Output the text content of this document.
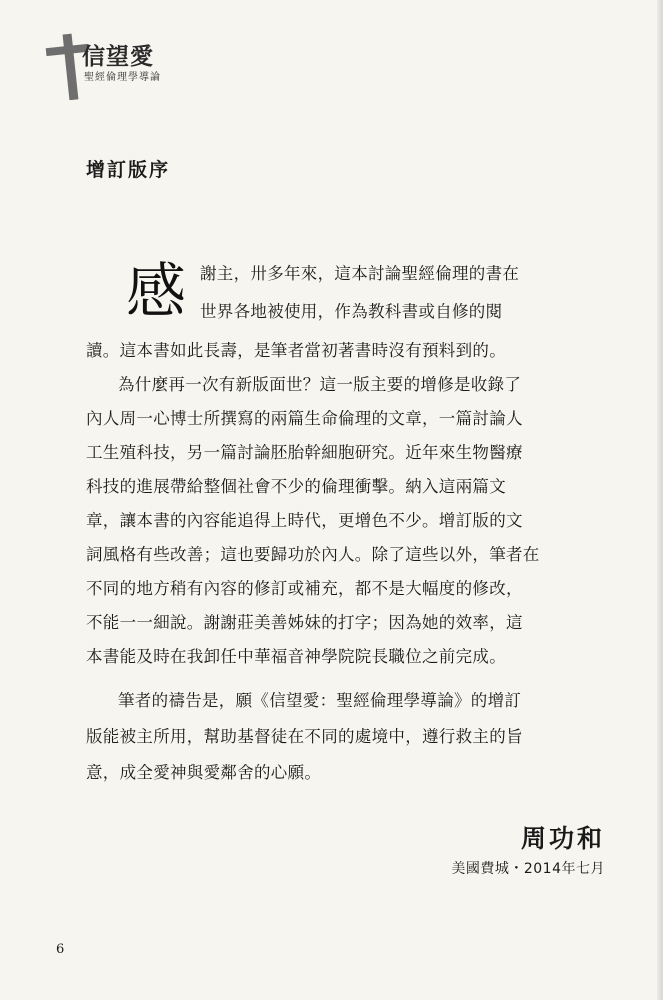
信望愛
聖經倫理學導論
增訂版序
感 謝主，卅多年來，這本討論聖經倫理的書在
世界各地被使用，作為教科書或自修的閱
讀。這本書如此長壽，是筆者當初著書時沒有預料到的。
為什麼再一次有新版面世？這一版主要的增修是收錄了
內人周一心博士所撰寫的兩篇生命倫理的文章，一篇討論人
工生殖科技，另一篇討論胚胎幹細胞研究。近年來生物醫療
科技的進展帶給整個社會不少的倫理衝擊。納入這兩篇文
章，讓本書的內容能追得上時代，更增色不少。增訂版的文
詞風格有些改善；這也要歸功於內人。除了這些以外，筆者在
不同的地方稍有內容的修訂或補充，都不是大幅度的修改，
不能一一細說。謝謝莊美善姊妹的打字；因為她的效率，這
本書能及時在我卸任中華福音神學院院長職位之前完成。
筆者的禱告是，願《信望愛：聖經倫理學導論》的增訂
版能被主所用，幫助基督徒在不同的處境中，遵行救主的旨
意，成全愛神與愛鄰舍的心願。
周功和
美國費城・2014年七月
6
